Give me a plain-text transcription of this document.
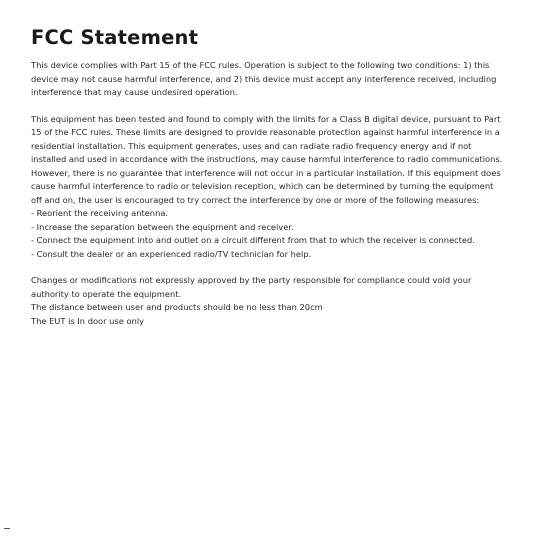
FCC Statement

This device complies with Part 15 of the FCC rules. Operation is subject to the following two conditions: 1) this device may not cause harmful interference, and 2) this device must accept any interference received, including interference that may cause undesired operation.

This equipment has been tested and found to comply with the limits for a Class B digital device, pursuant to Part 15 of the FCC rules. These limits are designed to provide reasonable protection against harmful interference in a residential installation. This equipment generates, uses and can radiate radio frequency energy and if not installed and used in accordance with the instructions, may cause harmful interference to radio communications. However, there is no guarantee that interference will not occur in a particular installation. If this equipment does cause harmful interference to radio or television reception, which can be determined by turning the equipment off and on, the user is encouraged to try correct the interference by one or more of the following measures:
- Reorient the receiving antenna.
- Increase the separation between the equipment and receiver.
- Connect the equipment into and outlet on a circuit different from that to which the receiver is connected.
- Consult the dealer or an experienced radio/TV technician for help.
Changes or modifications not expressly approved by the party responsible for compliance could void your authority to operate the equipment.
The distance between user and products should be no less than 20cm
The EUT is In door use only
